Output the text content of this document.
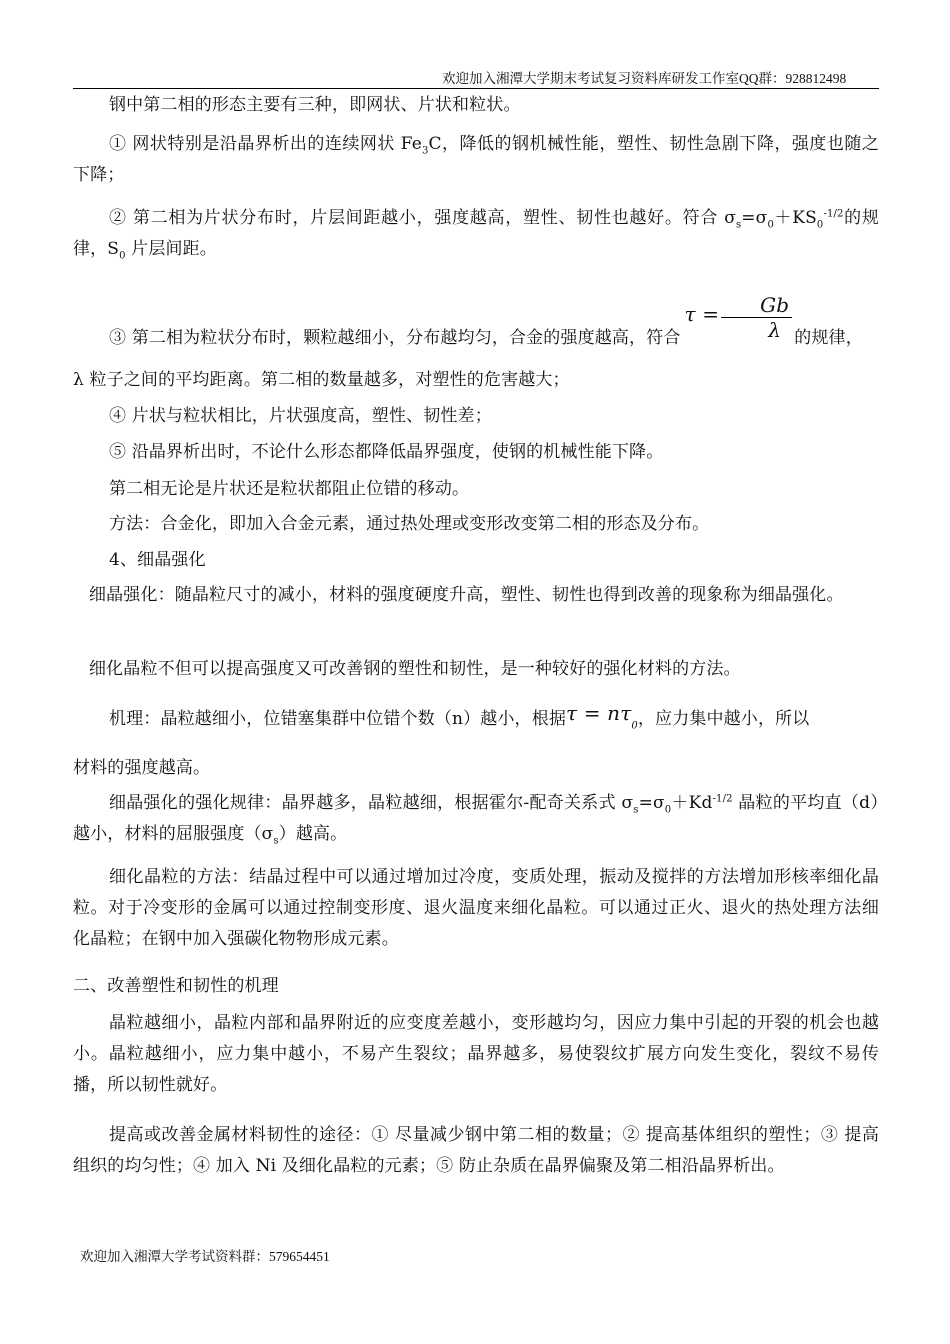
欢迎加入湘潭大学期末考试复习资料库研发工作室QQ群：928812498
钢中第二相的形态主要有三种，即网状、片状和粒状。
① 网状特别是沿晶界析出的连续网状 $Fe_3C$，降低的钢机械性能，塑性、韧性急剧下降，强度也随之下降；
② 第二相为片状分布时，片层间距越小，强度越高，塑性、韧性也越好。符合 $\sigma_s=\sigma_0+KS_0^{-1/2}$的规律，$S_0$ 片层间距。
③ 第二相为粒状分布时，颗粒越细小，分布越均匀，合金的强度越高，符合$\tau = \frac{Gb}{\lambda}$ 的规律，
λ 粒子之间的平均距离。第二相的数量越多，对塑性的危害越大；
④ 片状与粒状相比，片状强度高，塑性、韧性差；
⑤ 沿晶界析出时，不论什么形态都降低晶界强度，使钢的机械性能下降。
第二相无论是片状还是粒状都阻止位错的移动。
方法：合金化，即加入合金元素，通过热处理或变形改变第二相的形态及分布。
4、细晶强化
细晶强化：随晶粒尺寸的减小，材料的强度硬度升高，塑性、韧性也得到改善的现象称为细晶强化。
细化晶粒不但可以提高强度又可改善钢的塑性和韧性，是一种较好的强化材料的方法。
机理：晶粒越细小，位错塞集群中位错个数（n）越小，根据$\tau = n\tau_0$，应力集中越小，所以
材料的强度越高。
细晶强化的强化规律：晶界越多，晶粒越细，根据霍尔-配奇关系式 $\sigma_s=\sigma_0+Kd^{-1/2}$ 晶粒的平均直（d）越小，材料的屈服强度$(\sigma_s)$越高。
细化晶粒的方法：结晶过程中可以通过增加过冷度，变质处理，振动及搅拌的方法增加形核率细化晶粒。对于冷变形的金属可以通过控制变形度、退火温度来细化晶粒。可以通过正火、退火的热处理方法细化晶粒；在钢中加入强碳化物物形成元素。
二、改善塑性和韧性的机理
晶粒越细小，晶粒内部和晶界附近的应变度差越小，变形越均匀，因应力集中引起的开裂的机会也越小。晶粒越细小，应力集中越小，不易产生裂纹；晶界越多，易使裂纹扩展方向发生变化，裂纹不易传播，所以韧性就好。
提高或改善金属材料韧性的途径：① 尽量减少钢中第二相的数量；② 提高基体组织的塑性；③ 提高组织的均匀性；④ 加入 Ni 及细化晶粒的元素；⑤ 防止杂质在晶界偏聚及第二相沿晶界析出。
欢迎加入湘潭大学考试资料群：579654451
